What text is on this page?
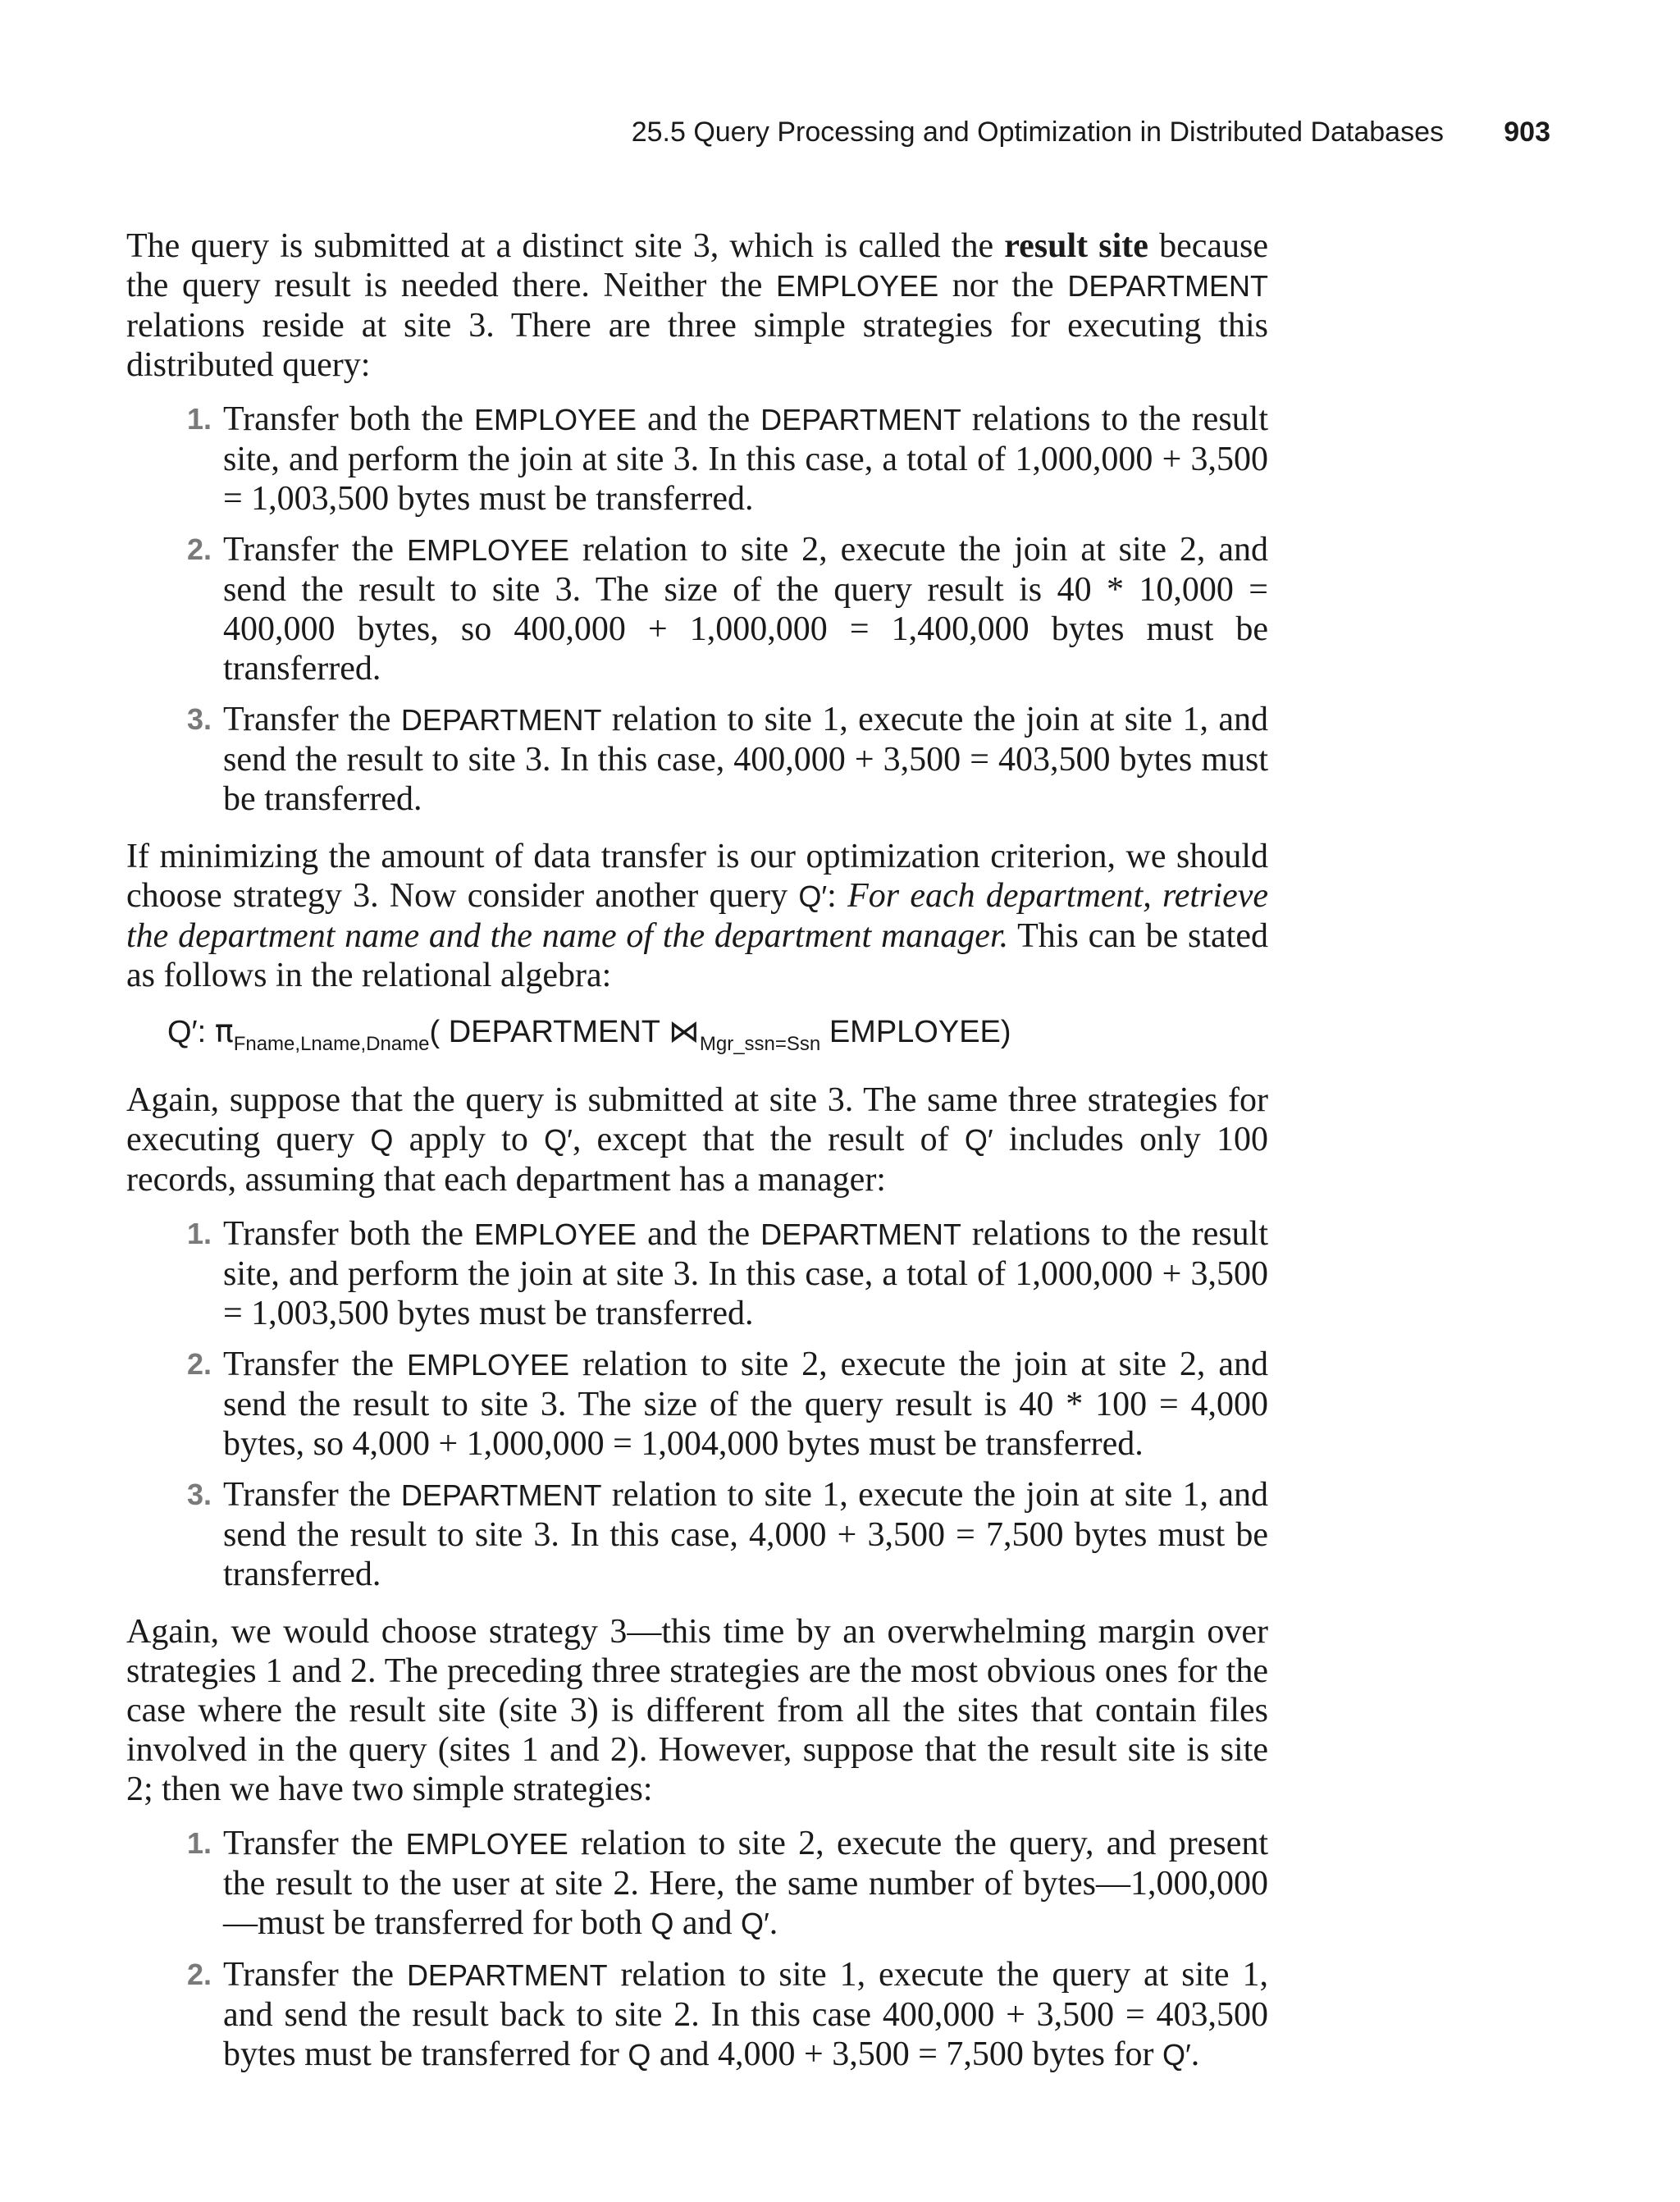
25.5 Query Processing and Optimization in Distributed Databases 903

The query is submitted at a distinct site 3, which is called the result site because the query result is needed there. Neither the EMPLOYEE nor the DEPARTMENT relations reside at site 3. There are three simple strategies for executing this distributed query:

1. Transfer both the EMPLOYEE and the DEPARTMENT relations to the result site, and perform the join at site 3. In this case, a total of 1,000,000 + 3,500 = 1,003,500 bytes must be transferred.
2. Transfer the EMPLOYEE relation to site 2, execute the join at site 2, and send the result to site 3. The size of the query result is 40 * 10,000 = 400,000 bytes, so 400,000 + 1,000,000 = 1,400,000 bytes must be transferred.
3. Transfer the DEPARTMENT relation to site 1, execute the join at site 1, and send the result to site 3. In this case, 400,000 + 3,500 = 403,500 bytes must be transferred.

If minimizing the amount of data transfer is our optimization criterion, we should choose strategy 3. Now consider another query Q′: For each department, retrieve the department name and the name of the department manager. This can be stated as follows in the relational algebra:

Q′: $\pi_{Fname,Lname,Dname}$( DEPARTMENT $⋈_{Mgr\_ssn=Ssn}$ EMPLOYEE)

Again, suppose that the query is submitted at site 3. The same three strategies for executing query Q apply to Q′, except that the result of Q′ includes only 100 records, assuming that each department has a manager:

1. Transfer both the EMPLOYEE and the DEPARTMENT relations to the result site, and perform the join at site 3. In this case, a total of 1,000,000 + 3,500 = 1,003,500 bytes must be transferred.
2. Transfer the EMPLOYEE relation to site 2, execute the join at site 2, and send the result to site 3. The size of the query result is 40 * 100 = 4,000 bytes, so 4,000 + 1,000,000 = 1,004,000 bytes must be transferred.
3. Transfer the DEPARTMENT relation to site 1, execute the join at site 1, and send the result to site 3. In this case, 4,000 + 3,500 = 7,500 bytes must be transferred.

Again, we would choose strategy 3—this time by an overwhelming margin over strategies 1 and 2. The preceding three strategies are the most obvious ones for the case where the result site (site 3) is different from all the sites that contain files involved in the query (sites 1 and 2). However, suppose that the result site is site 2; then we have two simple strategies:

1. Transfer the EMPLOYEE relation to site 2, execute the query, and present the result to the user at site 2. Here, the same number of bytes—1,000,000—must be transferred for both Q and Q′.
2. Transfer the DEPARTMENT relation to site 1, execute the query at site 1, and send the result back to site 2. In this case 400,000 + 3,500 = 403,500 bytes must be transferred for Q and 4,000 + 3,500 = 7,500 bytes for Q′.
